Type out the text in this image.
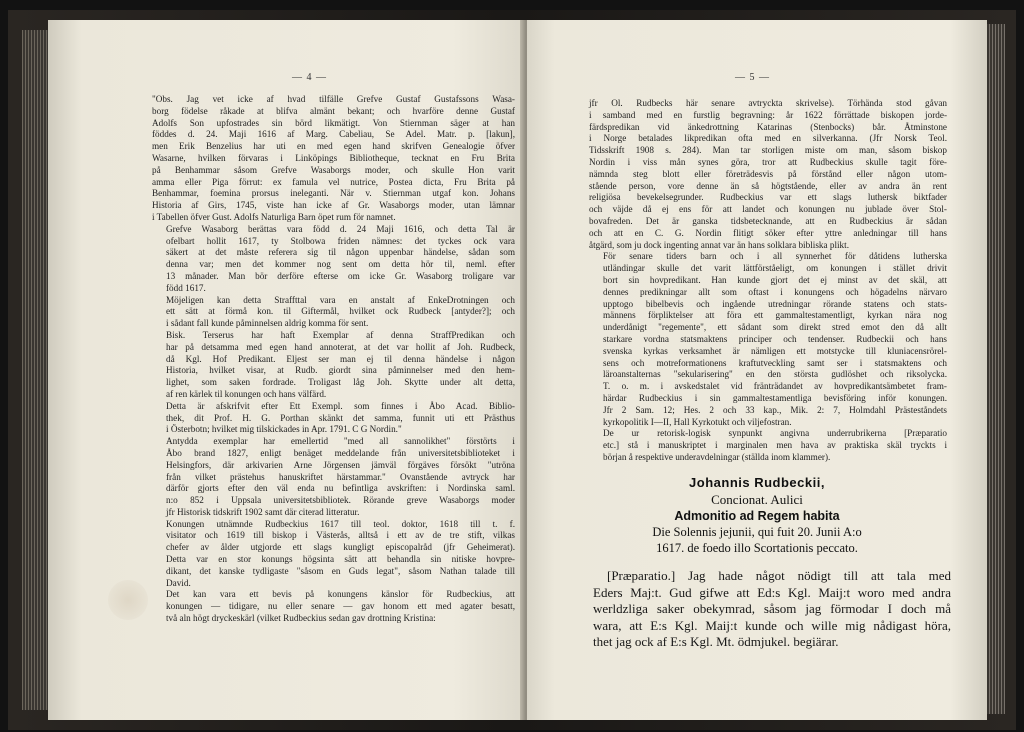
— 4 —

"Obs. Jag vet icke af hvad tilfälle Grefve Gustaf Gustafssons Wasa-
borg födelse råkade at blifva almänt bekant; och hvarföre denne Gustaf
Adolfs Son upfostrades sin börd likmätigt. Von Stiernman säger at han
föddes d. 24. Maji 1616 af Marg. Cabeliau, Se Adel. Matr. p. [lakun],
men Erik Benzelius har uti en med egen hand skrifven Genealogie öfver
Wasarne, hvilken förvaras i Linköpings Bibliotheque, tecknat en Fru Brita
på Benhammar såsom Grefve Wasaborgs moder, och skulle Hon varit
amma eller Piga förrut: ex famula vel nutrice, Postea dicta, Fru Brita på
Benhammar, foemina prorsus ineleganti. När v. Stiernman utgaf kon. Johans
Historia af Girs, 1745, viste han icke af Gr. Wasaborgs moder, utan lämnar
i Tabellen öfver Gust. Adolfs Naturliga Barn öpet rum för namnet.

Grefve Wasaborg berättas vara född d. 24 Maji 1616, och detta Tal är
ofelbart hollit 1617, ty Stolbowa friden nämnes: det tyckes ock vara
säkert at det måste referera sig til någon uppenbar händelse, sådan som
denna var; men det kommer nog sent om detta hör til, neml. efter
13 månader. Man bör derföre efterse om icke Gr. Wasaborg troligare var
född 1617.

Möjeligen kan detta Straffttal vara en anstalt af EnkeDrotningen och
ett sätt at förmå kon. til Giftermål, hvilket ock Rudbeck [antyder?]; och
i sådant fall kunde påminnelsen aldrig komma för sent.

Bisk. Terserus har haft Exemplar af denna StraffPredikan och
har på detsamma med egen hand annoterat, at det var hollit af Joh. Rudbeck,
då Kgl. Hof Predikant. Eljest ser man ej til denna händelse i någon
Historia, hvilket visar, at Rudb. giordt sina påminnelser med den hem-
lighet, som saken fordrade. Troligast låg Joh. Skytte under alt detta,
af ren kärlek til konungen och hans välfärd.

Detta är afskrifvit efter Ett Exempl. som finnes i Åbo Acad. Biblio-
thek, dit Prof. H. G. Porthan skänkt det samma, funnit uti ett Prästhus
i Österbotn; hvilket mig tilskickades in Apr. 1791. C G Nordin."

Antydda exemplar har emellertid "med all sannolikhet" förstörts i
Åbo brand 1827, enligt benäget meddelande från universitetsbiblioteket i
Helsingfors, där arkivarien Arne Jörgensen jämväl förgäves försökt "utröna
från vilket prästehus hanuskriftet härstammar." Ovanstående avtryck har
därför gjorts efter den väl enda nu befintliga avskriften: i Nordinska saml.
n:o 852 i Uppsala universitetsbibliotek. Rörande greve Wasaborgs moder
jfr Historisk tidskrift 1902 samt där citerad litteratur.

Konungen utnämnde Rudbeckius 1617 till teol. doktor, 1618 till t. f.
visitator och 1619 till biskop i Västerås, alltså i ett av de tre stift, vilkas
chefer av ålder utgjorde ett slags kungligt episcopalråd (jfr Geheimerat).
Detta var en stor konungs högsinta sätt att behandla sin nitiske hovpre-
dikant, det kanske tydligaste "såsom en Guds legat", såsom Nathan talade till
David.

Det kan vara ett bevis på konungens känslor för Rudbeckius, att
konungen — tidigare, nu eller senare — gav honom ett med agater besatt,
två aln högt dryckeskärl (vilket Rudbeckius sedan gav drottning Kristina:

— 5 —

jfr Ol. Rudbecks här senare avtryckta skrivelse). Törhända stod gåvan
i samband med en furstlig begravning: år 1622 förrättade biskopen jorde-
färdspredikan vid änkedrottning Katarinas (Stenbocks) bår. Åtminstone
i Norge betalades likpredikan ofta med en silverkanna. (Jfr Norsk Teol.
Tidsskrift 1908 s. 284). Man tar storligen miste om man, såsom biskop
Nordin i viss mån synes göra, tror att Rudbeckius skulle tagit före-
nämnda steg blott eller företrädesvis på förstånd eller någon utom-
stående person, vore denne än så högtstående, eller av andra än rent
religiösa bevekelsegrunder. Rudbeckius var ett slags luthersk biktfader
och väjde då ej ens för att landet och konungen nu jublade över Stol-
bovafreden. Det är ganska tidsbetecknande, att en Rudbeckius är sådan
och att en C. G. Nordin flitigt söker efter yttre anledningar till hans
åtgärd, som ju dock ingenting annat var än hans solklara bibliska plikt.

För senare tiders barn och i all synnerhet för dåtidens lutherska
utländingar skulle det varit lättförståeligt, om konungen i stället drivit
bort sin hovpredikant. Han kunde gjort det ej minst av det skäl, att
dennes predikningar allt som oftast i konungens och högadelns närvaro
upptogo bibelbevis och ingående utredningar rörande statens och stats-
männens förpliktelser att föra ett gammaltestamentligt, kyrkan nära nog
underdånigt "regemente", ett sådant som direkt stred emot den då allt
starkare vordna statsmaktens principer och tendenser. Rudbeckii och hans
svenska kyrkas verksamhet är nämligen ett motstycke till kluniacensrörel-
sens och motreformationens kraftutveckling samt ser i statsmaktens och
läroanstalternas "sekularisering" en den största gudlöshet och riksolycka.
T. o. m. i avskedstalet vid fränträdandet av hovpredikantsämbetet fram-
härdar Rudbeckius i sin gammaltestamentliga bevisföring inför konungen.
Jfr 2 Sam. 12; Hes. 2 och 33 kap., Mik. 2: 7, Holmdahl Prästeståndets
kyrkopolitik I—II, Hall Kyrkotukt och viljefostran.

De ur retorisk-logisk synpunkt angivna underrubrikerna [Præparatio
etc.] stå i manuskriptet i marginalen men hava av praktiska skäl tryckts i
början å respektive underavdelningar (ställda inom klammer).

Johannis Rudbeckii,
Concionat. Aulici
Admonitio ad Regem habita
Die Solennis jejunii, qui fuit 20. Junii A:o
1617. de foedo illo Scortationis peccato.
[Præparatio.] Jag hade något nödigt till att tala med
Eders Maj:t. Gud gifwe att Ed:s Kgl. Maij:t woro med andra
werldzliga saker obekymrad, såsom jag förmodar I doch må
wara, att E:s Kgl. Maij:t kunde och wille mig nådigast höra,
thet jag ock af E:s Kgl. Mt. ödmjukel. begiärar.
